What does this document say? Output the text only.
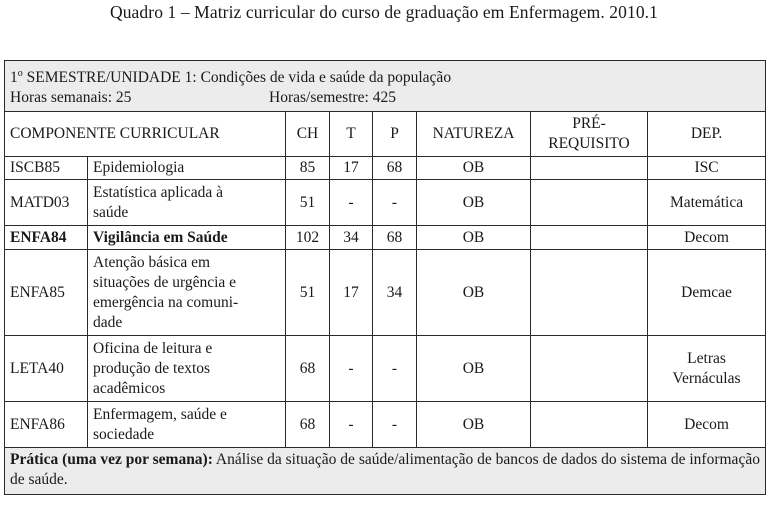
Quadro 1 – Matriz curricular do curso de graduação em Enfermagem. 2010.1
1$^o$ SEMESTRE/UNIDADE 1: Condições de vida e saúde da população
Horas semanais: 25 Horas/semestre: 425							

COMPONENTE CURRICULAR		CH	T	P	NATUREZA	PRÉ-
REQUISITO	DEP.
ISCB85	Epidemiologia	85	17	68	OB		ISC
MATD03	Estatística aplicada à
saúde	51	-	-	OB		Matemática
ENFA84	Vigilância em Saúde	102	34	68	OB		Decom
ENFA85	Atenção básica em
situações de urgência e
emergência na comuni-
dade	51	17	34	OB		Demcae
LETA40	Oficina de leitura e
produção de textos
acadêmicos	68	-	-	OB		Letras
Vernáculas
ENFA86	Enfermagem, saúde e
sociedade	68	-	-	OB		Decom
Prática (uma vez por semana): Análise da situação de saúde/alimentação de bancos de dados do sistema de informação de saúde.							
